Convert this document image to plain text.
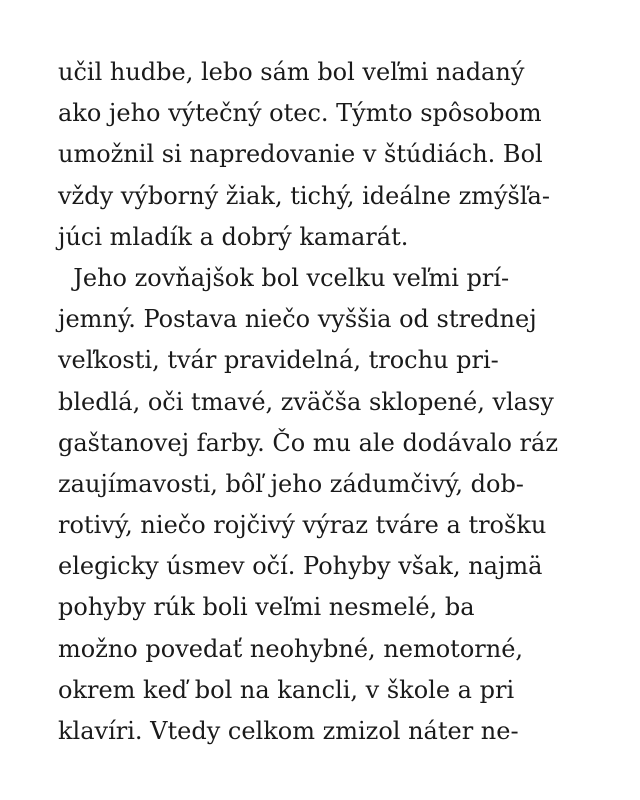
učil hudbe, lebo sám bol veľmi nadaný
ako jeho výtečný otec. Týmto spôsobom
umožnil si napredovanie v štúdiách. Bol
vždy výborný žiak, tichý, ideálne zmýšľa-
júci mladík a dobrý kamarát.
Jeho zovňajšok bol vcelku veľmi prí-
jemný. Postava niečo vyššia od strednej
veľkosti, tvár pravidelná, trochu pri-
bledlá, oči tmavé, zväčša sklopené, vlasy
gaštanovej farby. Čo mu ale dodávalo ráz
zaujímavosti, bôľ jeho zádumčivý, dob-
rotivý, niečo rojčivý výraz tváre a trošku
elegicky úsmev očí. Pohyby však, najmä
pohyby rúk boli veľmi nesmelé, ba
možno povedať neohybné, nemotorné,
okrem keď bol na kancli, v škole a pri
klavíri. Vtedy celkom zmizol náter ne-
